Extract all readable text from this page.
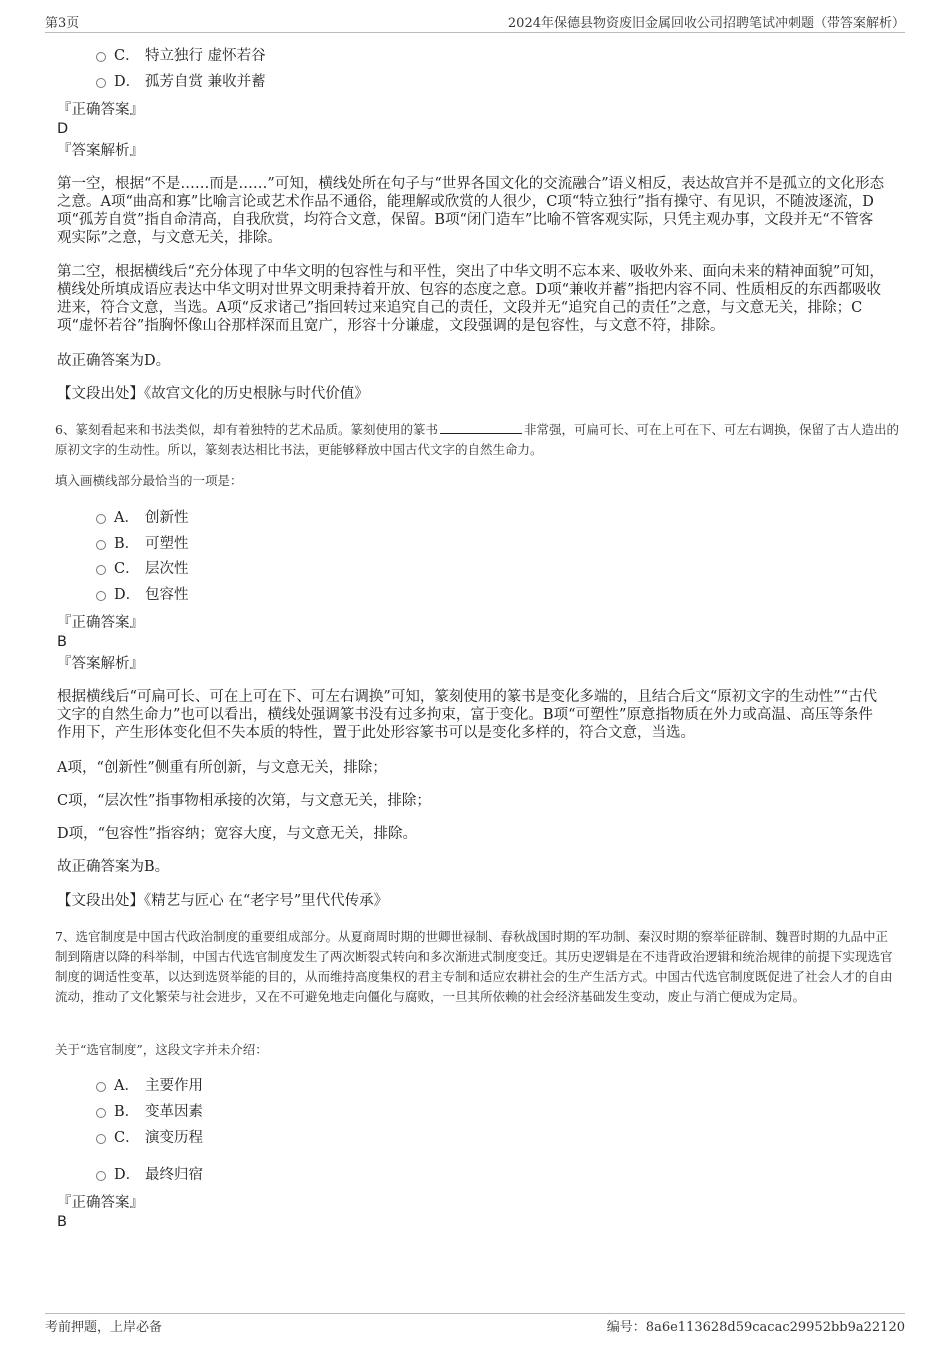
第3页	2024年保德县物资废旧金属回收公司招聘笔试冲刺题（带答案解析）
C． 特立独行 虚怀若谷
D． 孤芳自赏 兼收并蓄
『正确答案』
D
『答案解析』
第一空，根据“不是……而是……”可知，横线处所在句子与“世界各国文化的交流融合”语义相反，表达故宫并不是孤立的文化形态之意。A项“曲高和寡”比喻言论或艺术作品不通俗，能理解或欣赏的人很少，C项“特立独行”指有操守、有见识，不随波逐流，D项“孤芳自赏”指自命清高，自我欣赏，均符合文意，保留。B项“闭门造车”比喻不管客观实际，只凭主观办事，文段并无“不管客观实际”之意，与文意无关，排除。
第二空，根据横线后“充分体现了中华文明的包容性与和平性，突出了中华文明不忘本来、吸收外来、面向未来的精神面貌”可知，横线处所填成语应表达中华文明对世界文明秉持着开放、包容的态度之意。D项“兼收并蓄”指把内容不同、性质相反的东西都吸收进来，符合文意，当选。A项“反求诸己”指回转过来追究自己的责任，文段并无“追究自己的责任”之意，与文意无关，排除；C项“虚怀若谷”指胸怀像山谷那样深而且宽广，形容十分谦虚，文段强调的是包容性，与文意不符，排除。
故正确答案为D。
【文段出处】《故宫文化的历史根脉与时代价值》
6、篆刻看起来和书法类似，却有着独特的艺术品质。篆刻使用的篆书	非常强，可扁可长、可在上可在下、可左右调换，保留了古人造出的原初文字的生动性。所以，篆刻表达相比书法，更能够释放中国古代文字的自然生命力。
填入画横线部分最恰当的一项是：
A． 创新性
B． 可塑性
C． 层次性
D． 包容性
『正确答案』
B
『答案解析』
根据横线后“可扁可长、可在上可在下、可左右调换”可知，篆刻使用的篆书是变化多端的，且结合后文“原初文字的生动性”“古代文字的自然生命力”也可以看出，横线处强调篆书没有过多拘束，富于变化。B项“可塑性”原意指物质在外力或高温、高压等条件作用下，产生形体变化但不失本质的特性，置于此处形容篆书可以是变化多样的，符合文意，当选。
A项，“创新性”侧重有所创新，与文意无关，排除；
C项，“层次性”指事物相承接的次第，与文意无关，排除；
D项，“包容性”指容纳；宽容大度，与文意无关，排除。
故正确答案为B。
【文段出处】《精艺与匠心 在“老字号”里代代传承》
7、选官制度是中国古代政治制度的重要组成部分。从夏商周时期的世卿世禄制、春秋战国时期的军功制、秦汉时期的察举征辟制、魏晋时期的九品中正制到隋唐以降的科举制，中国古代选官制度发生了两次断裂式转向和多次渐进式制度变迁。其历史逻辑是在不违背政治逻辑和统治规律的前提下实现选官制度的调适性变革，以达到选贤举能的目的，从而维持高度集权的君主专制和适应农耕社会的生产生活方式。中国古代选官制度既促进了社会人才的自由流动，推动了文化繁荣与社会进步，又在不可避免地走向僵化与腐败，一旦其所依赖的社会经济基础发生变动，废止与消亡便成为定局。
关于“选官制度”，这段文字并未介绍：
A． 主要作用
B． 变革因素
C． 演变历程
D． 最终归宿
『正确答案』
B
考前押题，上岸必备	编号：8a6e113628d59cacac29952bb9a22120
